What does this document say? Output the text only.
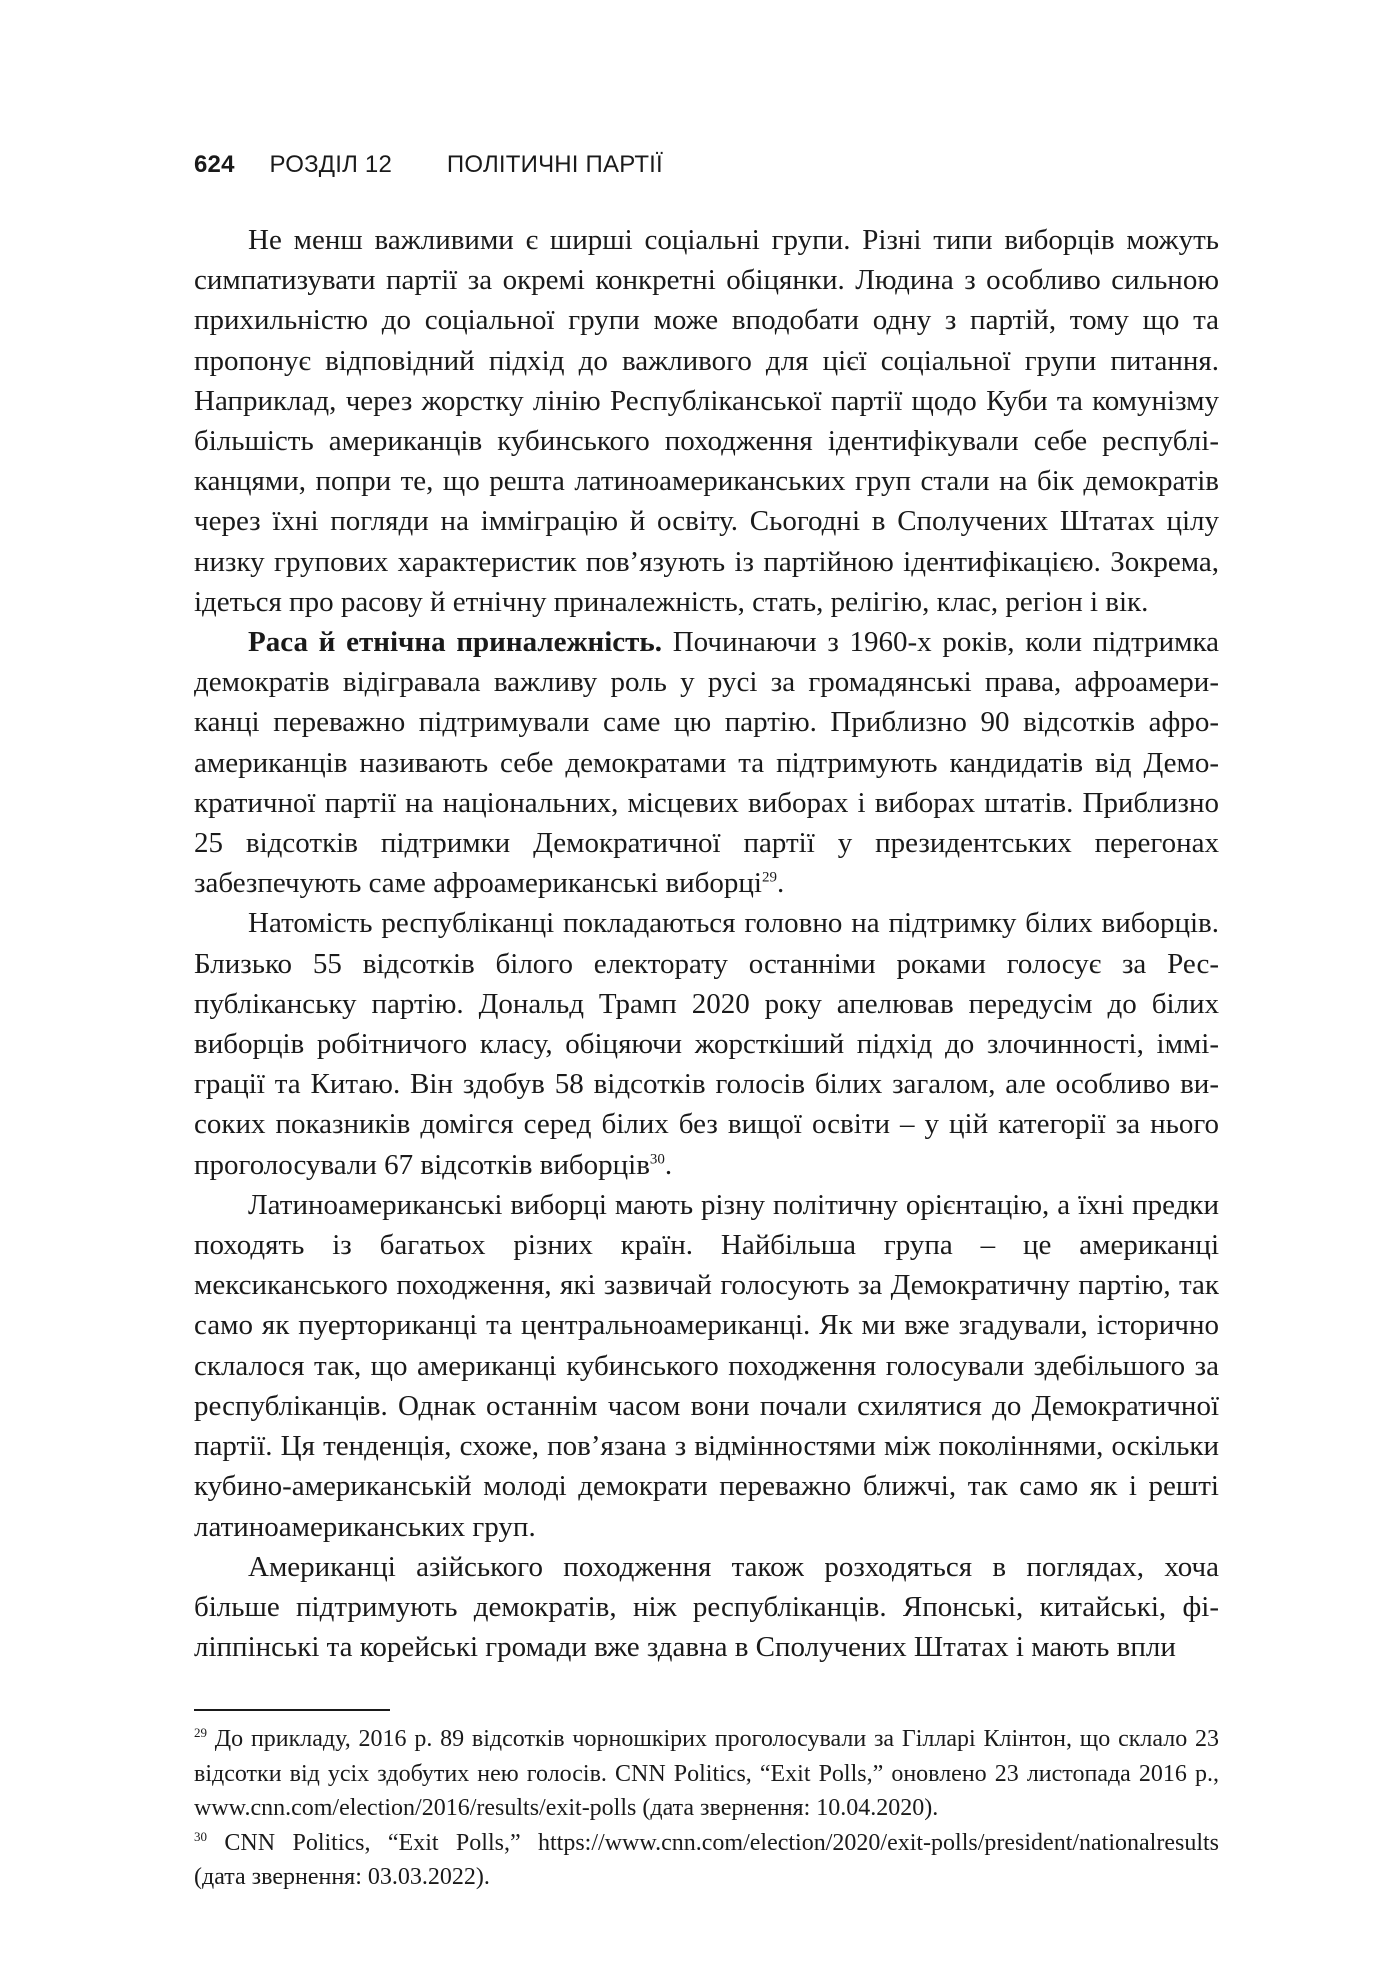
624 РОЗДІЛ 12 ПОЛІТИЧНІ ПАРТІЇ

Не менш важливими є ширші соціальні групи. Різні типи виборців можуть симпатизувати партії за окремі конкретні обіцянки. Людина з особливо сильною прихильністю до соціальної групи може вподобати одну з партій, тому що та пропонує відповідний підхід до важливого для цієї соціальної групи питання. Наприклад, через жорстку лінію Республіканської партії щодо Куби та комунізму більшість американців кубинського походження ідентифікували себе республіканцями, попри те, що решта латиноамериканських груп стали на бік демократів через їхні погляди на імміграцію й освіту. Сьогодні в Сполучених Штатах цілу низку групових характеристик пов’язують із партійною ідентифікацією. Зокрема, ідеться про расову й етнічну приналежність, стать, релігію, клас, регіон і вік.

Раса й етнічна приналежність. Починаючи з 1960-х років, коли підтримка демократів відігравала важливу роль у русі за громадянські права, афроамериканці переважно підтримували саме цю партію. Приблизно 90 відсотків афроамериканців називають себе демократами та підтримують кандидатів від Демократичної партії на національних, місцевих виборах і виборах штатів. Приблизно 25 відсотків підтримки Демократичної партії у президентських перегонах забезпечують саме афроамериканські виборці$^{29}$.

Натомість республіканці покладаються головно на підтримку білих виборців. Близько 55 відсотків білого електорату останніми роками голосує за Республіканську партію. Дональд Трамп 2020 року апелював передусім до білих виборців робітничого класу, обіцяючи жорсткіший підхід до злочинності, імміграції та Китаю. Він здобув 58 відсотків голосів білих загалом, але особливо високих показників домігся серед білих без вищої освіти – у цій категорії за нього проголосували 67 відсотків виборців$^{30}$.

Латиноамериканські виборці мають різну політичну орієнтацію, а їхні предки походять із багатьох різних країн. Найбільша група – це американці мексиканського походження, які зазвичай голосують за Демократичну партію, так само як пуерториканці та центральноамериканці. Як ми вже згадували, історично склалося так, що американці кубинського походження голосували здебільшого за республіканців. Однак останнім часом вони почали схилятися до Демократичної партії. Ця тенденція, схоже, пов’язана з відмінностями між поколіннями, оскільки кубино-американській молоді демократи переважно ближчі, так само як і решті латиноамериканських груп.

Американці азійського походження також розходяться в поглядах, хоча більше підтримують демократів, ніж республіканців. Японські, китайські, філіппінські та корейські громади вже здавна в Сполучених Штатах і мають впли

$^{29}$ До прикладу, 2016 р. 89 відсотків чорношкірих проголосували за Гілларі Клінтон, що склало 23 відсотки від усіх здобутих нею голосів. CNN Politics, “Exit Polls,” оновлено 23 листопада 2016 р., www.cnn.com/election/2016/results/exit-polls (дата звернення: 10.04.2020).

$^{30}$ CNN Politics, “Exit Polls,” https://www.cnn.com/election/2020/exit-polls/president/nationalresults (дата звернення: 03.03.2022).
